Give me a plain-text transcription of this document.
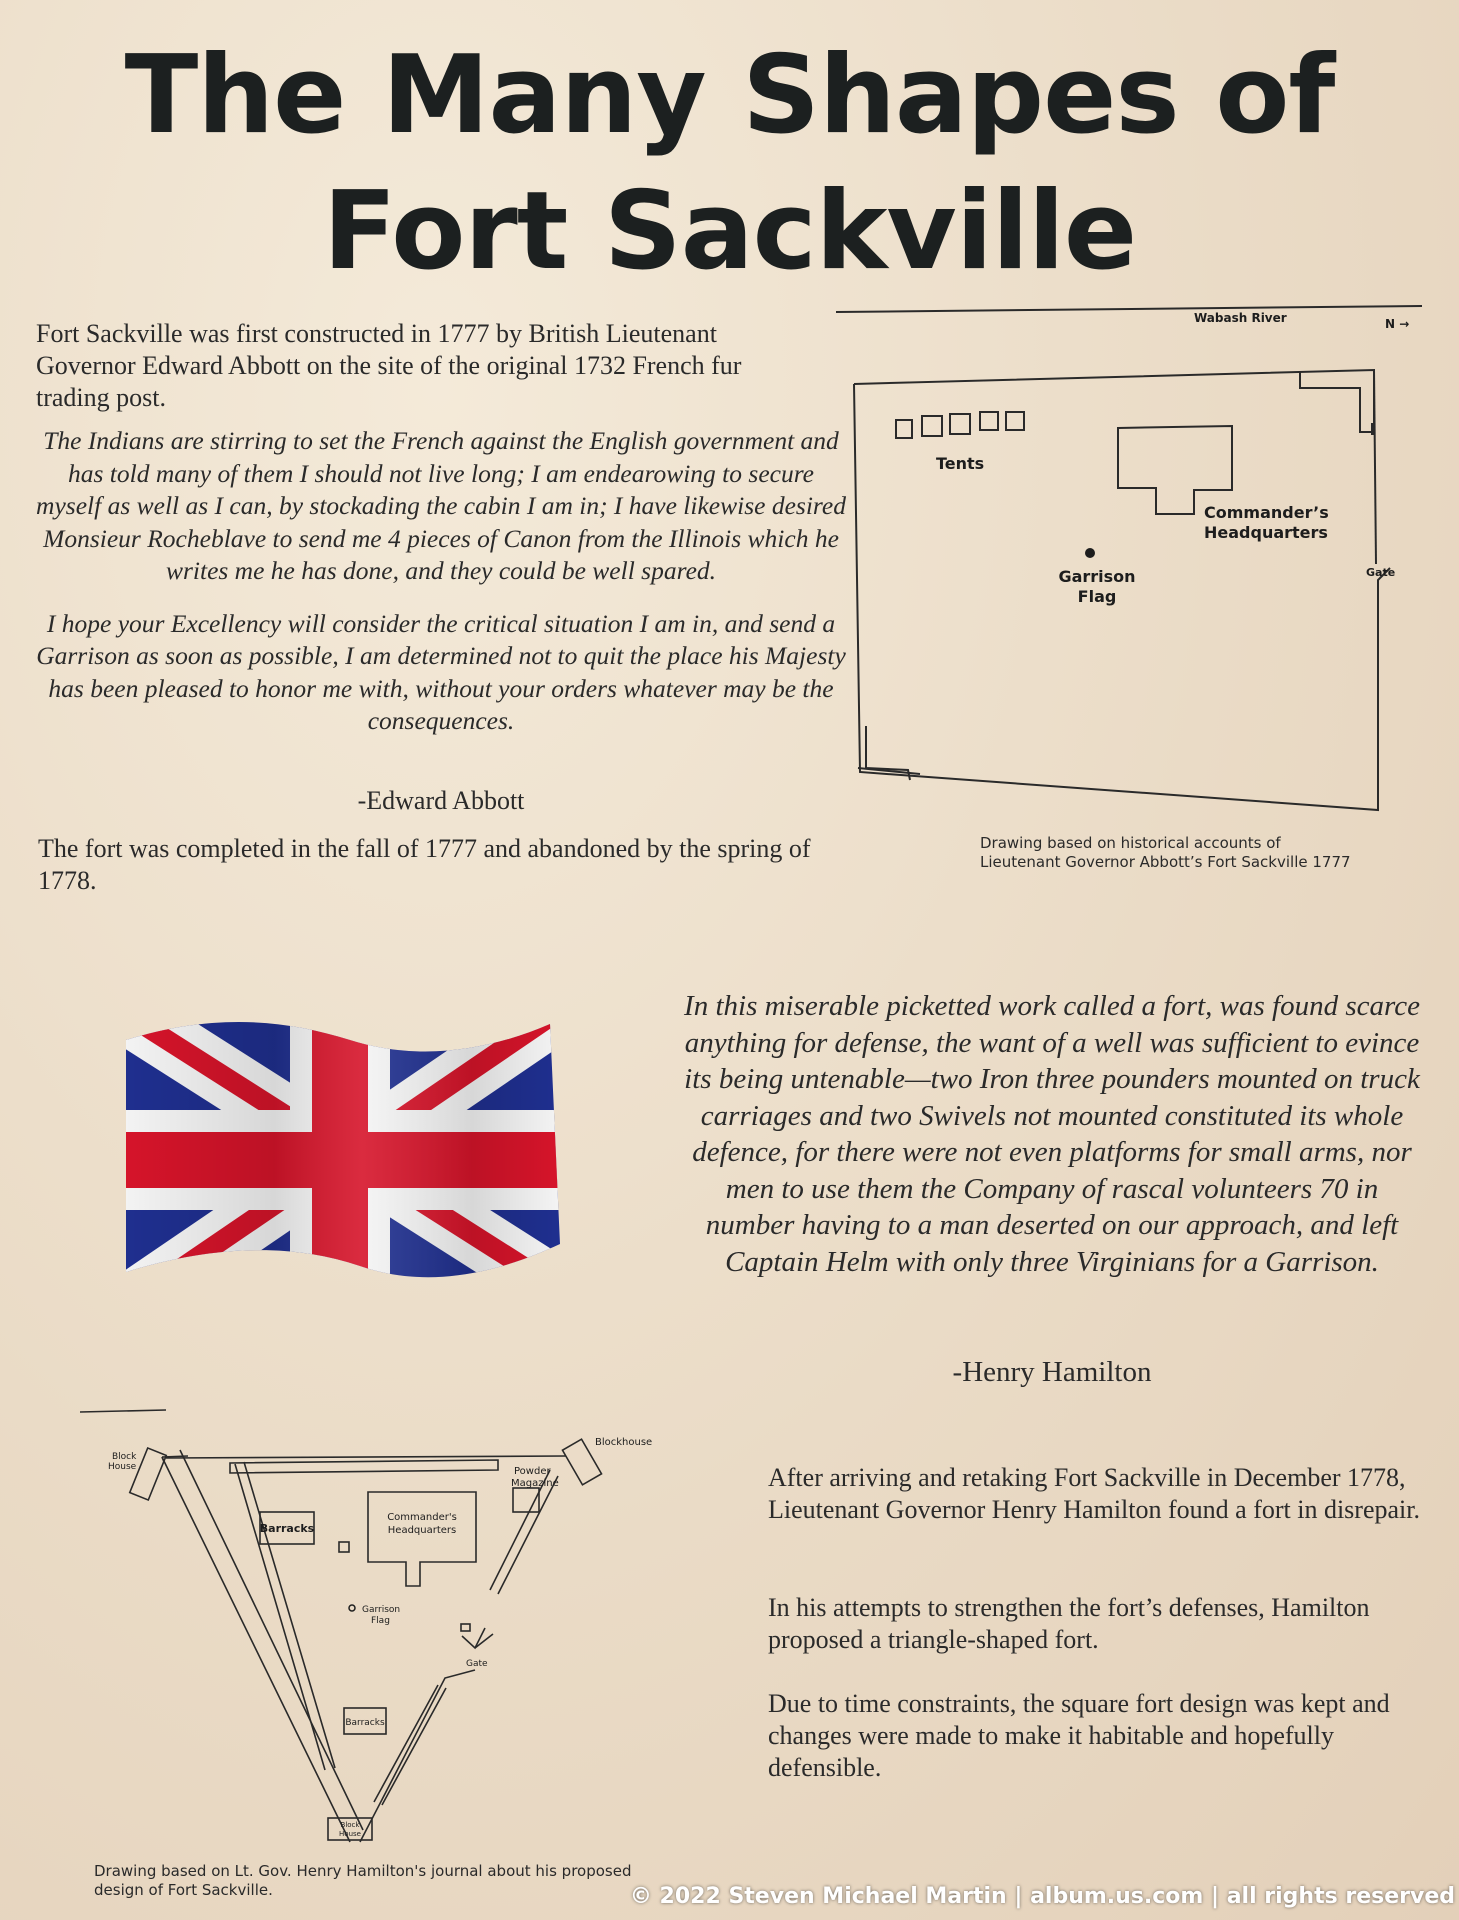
The Many Shapes of
Fort Sackville
Fort Sackville was first constructed in 1777 by British Lieutenant Governor Edward Abbott on the site of the original 1732 French fur trading post.

The Indians are stirring to set the French against the English government and has told many of them I should not live long; I am endearowing to secure myself as well as I can, by stockading the cabin I am in; I have likewise desired Monsieur Rocheblave to send me 4 pieces of Canon from the Illinois which he writes me he has done, and they could be well spared.

I hope your Excellency will consider the critical situation I am in, and send a Garrison as soon as possible, I am determined not to quit the place his Majesty has been pleased to honor me with, without your orders whatever may be the consequences.

-Edward Abbott
The fort was completed in the fall of 1777 and abandoned by the spring of 1778.
Wabash River	N →
Tents
Commander’s
Headquarters
Garrison
Flag
Gate
Drawing based on historical accounts of
Lieutenant Governor Abbott’s Fort Sackville 1777
In this miserable picketted work called a fort, was found scarce anything for defense, the want of a well was sufficient to evince its being untenable—two Iron three pounders mounted on truck carriages and two Swivels not mounted constituted its whole defence, for there were not even platforms for small arms, nor men to use them the Company of rascal volunteers 70 in number having to a man deserted on our approach, and left Captain Helm with only three Virginians for a Garrison.
-Henry Hamilton
Block
House
Blockhouse
Powder
Magazine
Barracks
Commander's
Headquarters
Garrison
Flag
Gate
Barracks
Block
House
Drawing based on Lt. Gov. Henry Hamilton's journal about his proposed
design of Fort Sackville.
After arriving and retaking Fort Sackville in December 1778, Lieutenant Governor Henry Hamilton found a fort in disrepair.
In his attempts to strengthen the fort’s defenses, Hamilton proposed a triangle-shaped fort.
Due to time constraints, the square fort design was kept and changes were made to make it habitable and hopefully defensible.
© 2022 Steven Michael Martin | album.us.com | all rights reserved
